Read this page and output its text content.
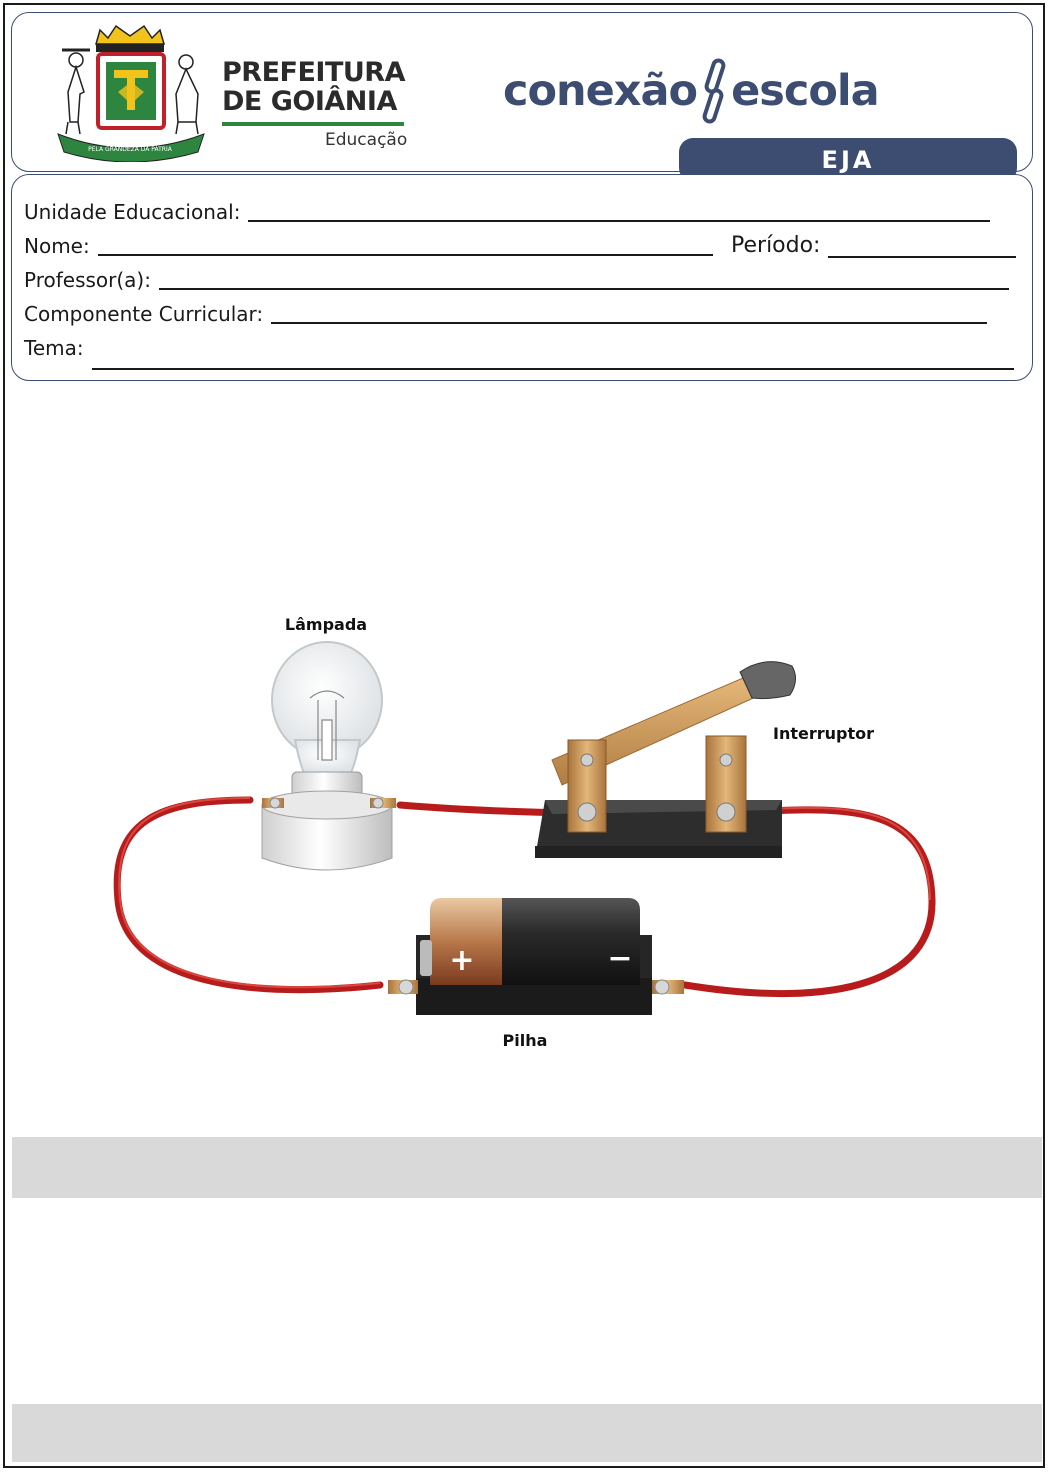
PELA GRANDEZA DA PÁTRIA
PREFEITURA
DE GOIÂNIA
Educação
conexão escola
EJA
Unidade Educacional:
Nome:	Período:
Professor(a):
Componente Curricular:
Tema:
+	−
Lâmpada
Interruptor
Pilha
